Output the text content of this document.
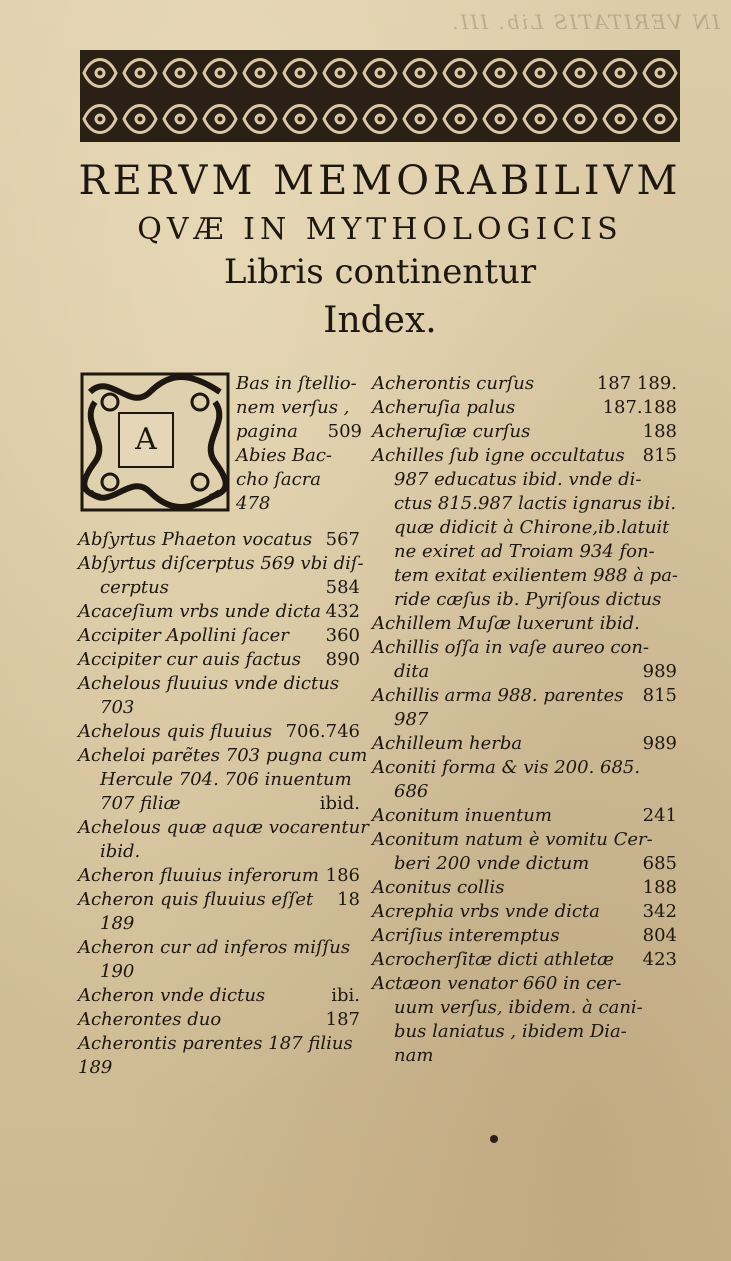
IN VERITATIS Lib. III.
RERVM MEMORABILIVM
QVÆ IN MYTHOLOGICIS
Libris continentur
Index.
A
Bas in ſtellio-
nem verſus ,
pagina 509
Abies Bac-
cho ſacra
478
Abſyrtus Phaeton vocatus 567
Abſyrtus diſcerptus 569 vbi diſ-
cerptus	584
Acaceſium vrbs unde dicta 432
Accipiter Apollini ſacer 360
Accipiter cur auis factus 890
Achelous fluuius vnde dictus
703
Achelous quis fluuius 706.746
Acheloi parẽtes 703 pugna cum
Hercule 704. 706 inuentum
707 filiæ	ibid.
Achelous quæ aquæ vocarentur
ibid.
Acheron fluuius inferorum 186
Acheron quis fluuius eſſet 18
189
Acheron cur ad inferos miſſus
190
Acheron vnde dictus	ibi.
Acherontes duo	187
Acherontis parentes 187 filius
189
Acherontis curſus	187 189.
Acheruſia palus	187.188
Acheruſiæ curſus	188
Achilles ſub igne occultatus 815
987 educatus ibid. vnde di-
ctus 815.987 lactis ignarus ibi.
quæ didicit à Chirone,ib.latuit
ne exiret ad Troiam 934 fon-
tem exitat exilientem 988 à pa-
ride cæſus ib. Pyriſous dictus
Achillem Muſæ luxerunt ibid.
Achillis oſſa in vaſe aureo con-
dita	989
Achillis arma 988. parentes 815
987
Achilleum herba	989
Aconiti forma & vis 200. 685.
686
Aconitum inuentum	241
Aconitum natum è vomitu Cer-
beri 200 vnde dictum	685
Aconitus collis	188
Acrephia vrbs vnde dicta 342
Acriſius interemptus	804
Acrocherſitæ dicti athletæ 423
Actæon venator 660 in cer-
uum verſus, ibidem. à cani-
bus laniatus , ibidem Dia-
nam
